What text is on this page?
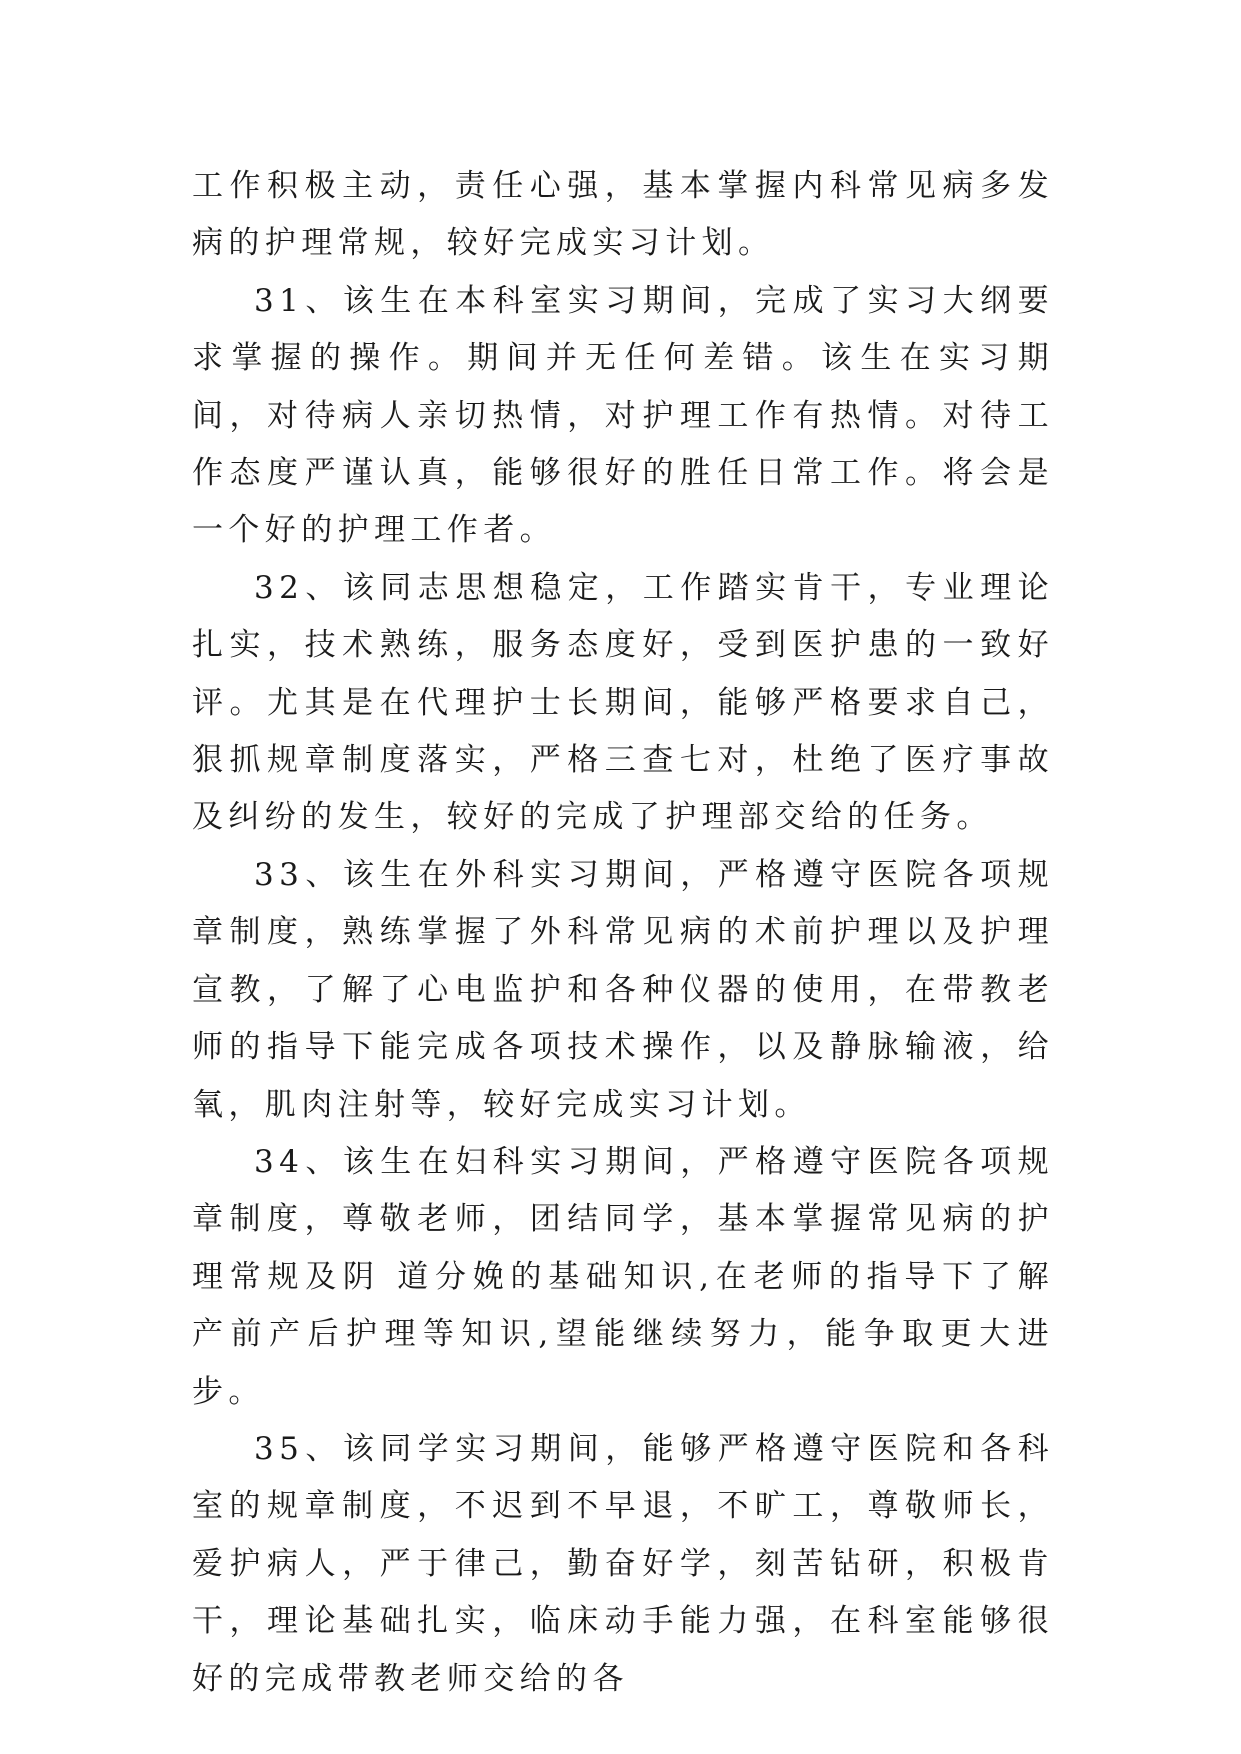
工作积极主动，责任心强，基本掌握内科常见病多发病的护理常规，较好完成实习计划。

31、该生在本科室实习期间，完成了实习大纲要求掌握的操作。期间并无任何差错。该生在实习期间，对待病人亲切热情，对护理工作有热情。对待工作态度严谨认真，能够很好的胜任日常工作。将会是一个好的护理工作者。

32、该同志思想稳定，工作踏实肯干，专业理论扎实，技术熟练，服务态度好，受到医护患的一致好评。尤其是在代理护士长期间，能够严格要求自己，狠抓规章制度落实，严格三查七对，杜绝了医疗事故及纠纷的发生，较好的完成了护理部交给的任务。

33、该生在外科实习期间，严格遵守医院各项规章制度，熟练掌握了外科常见病的术前护理以及护理宣教，了解了心电监护和各种仪器的使用，在带教老师的指导下能完成各项技术操作，以及静脉输液，给氧，肌肉注射等，较好完成实习计划。

34、该生在妇科实习期间，严格遵守医院各项规章制度，尊敬老师，团结同学，基本掌握常见病的护理常规及阴 道分娩的基础知识,在老师的指导下了解产前产后护理等知识,望能继续努力，能争取更大进步。

35、该同学实习期间，能够严格遵守医院和各科室的规章制度，不迟到不早退，不旷工，尊敬师长，爱护病人，严于律己，勤奋好学，刻苦钻研，积极肯干，理论基础扎实，临床动手能力强，在科室能够很好的完成带教老师交给的各
